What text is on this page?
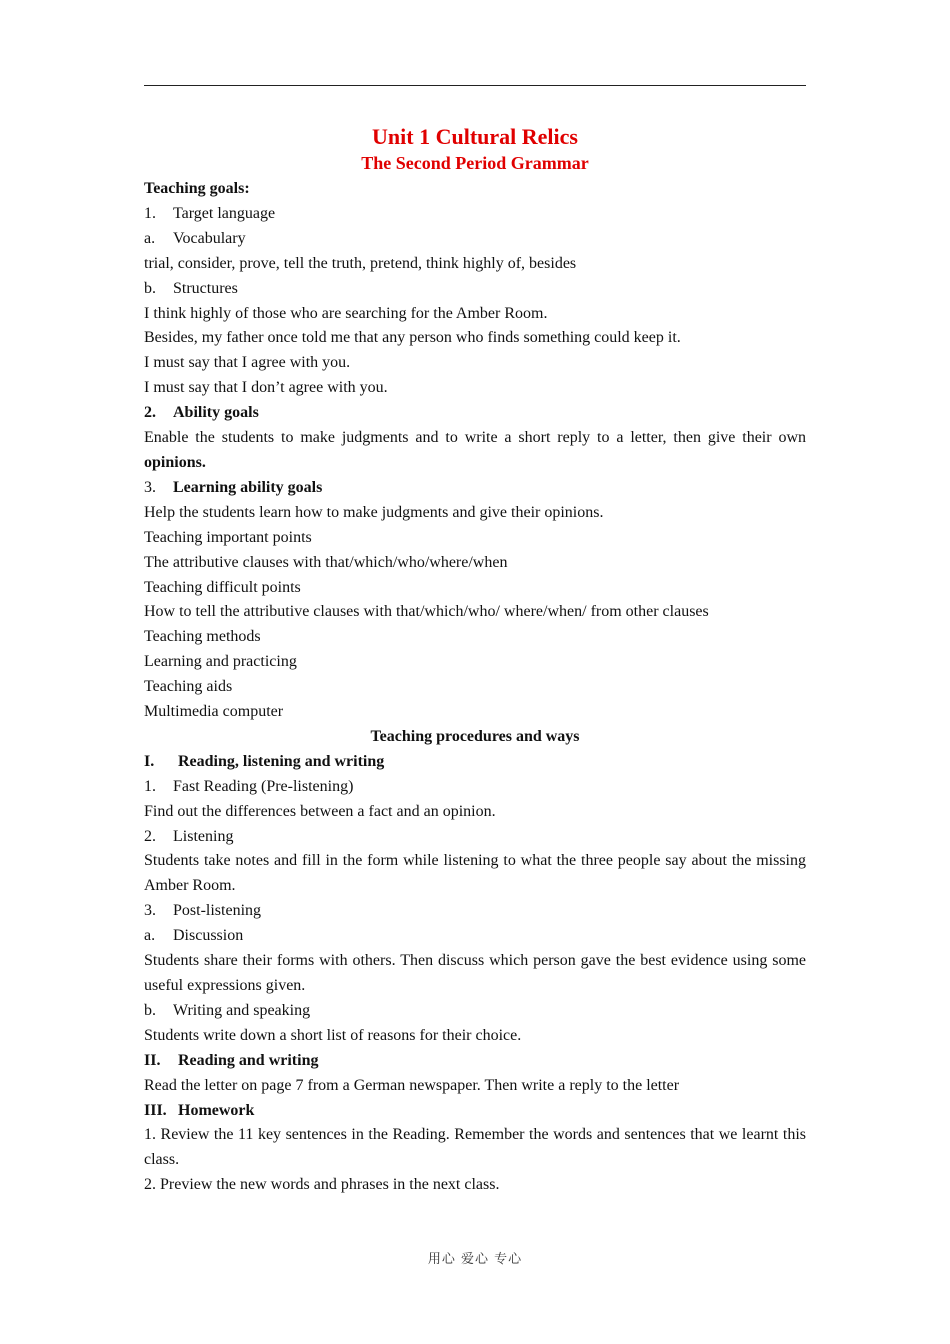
Unit 1 Cultural Relics

The Second Period Grammar

Teaching goals:

1. Target language

a. Vocabulary

trial, consider, prove, tell the truth, pretend, think highly of, besides

b. Structures

I think highly of those who are searching for the Amber Room.

Besides, my father once told me that any person who finds something could keep it.

I must say that I agree with you.

I must say that I don’t agree with you.

2. Ability goals

Enable the students to make judgments and to write a short reply to a letter, then give their own opinions.

3. Learning ability goals

Help the students learn how to make judgments and give their opinions.

Teaching important points

The attributive clauses with that/which/who/where/when

Teaching difficult points

How to tell the attributive clauses with that/which/who/ where/when/ from other clauses

Teaching methods

Learning and practicing

Teaching aids

Multimedia computer

Teaching procedures and ways

I. Reading, listening and writing

1. Fast Reading (Pre-listening)

Find out the differences between a fact and an opinion.

2. Listening

Students take notes and fill in the form while listening to what the three people say about the missing Amber Room.

3. Post-listening

a. Discussion

Students share their forms with others. Then discuss which person gave the best evidence using some useful expressions given.

b. Writing and speaking

Students write down a short list of reasons for their choice.

II. Reading and writing

Read the letter on page 7 from a German newspaper. Then write a reply to the letter

III. Homework

1. Review the 11 key sentences in the Reading. Remember the words and sentences that we learnt this class.

2. Preview the new words and phrases in the next class.

用心 爱心 专心
